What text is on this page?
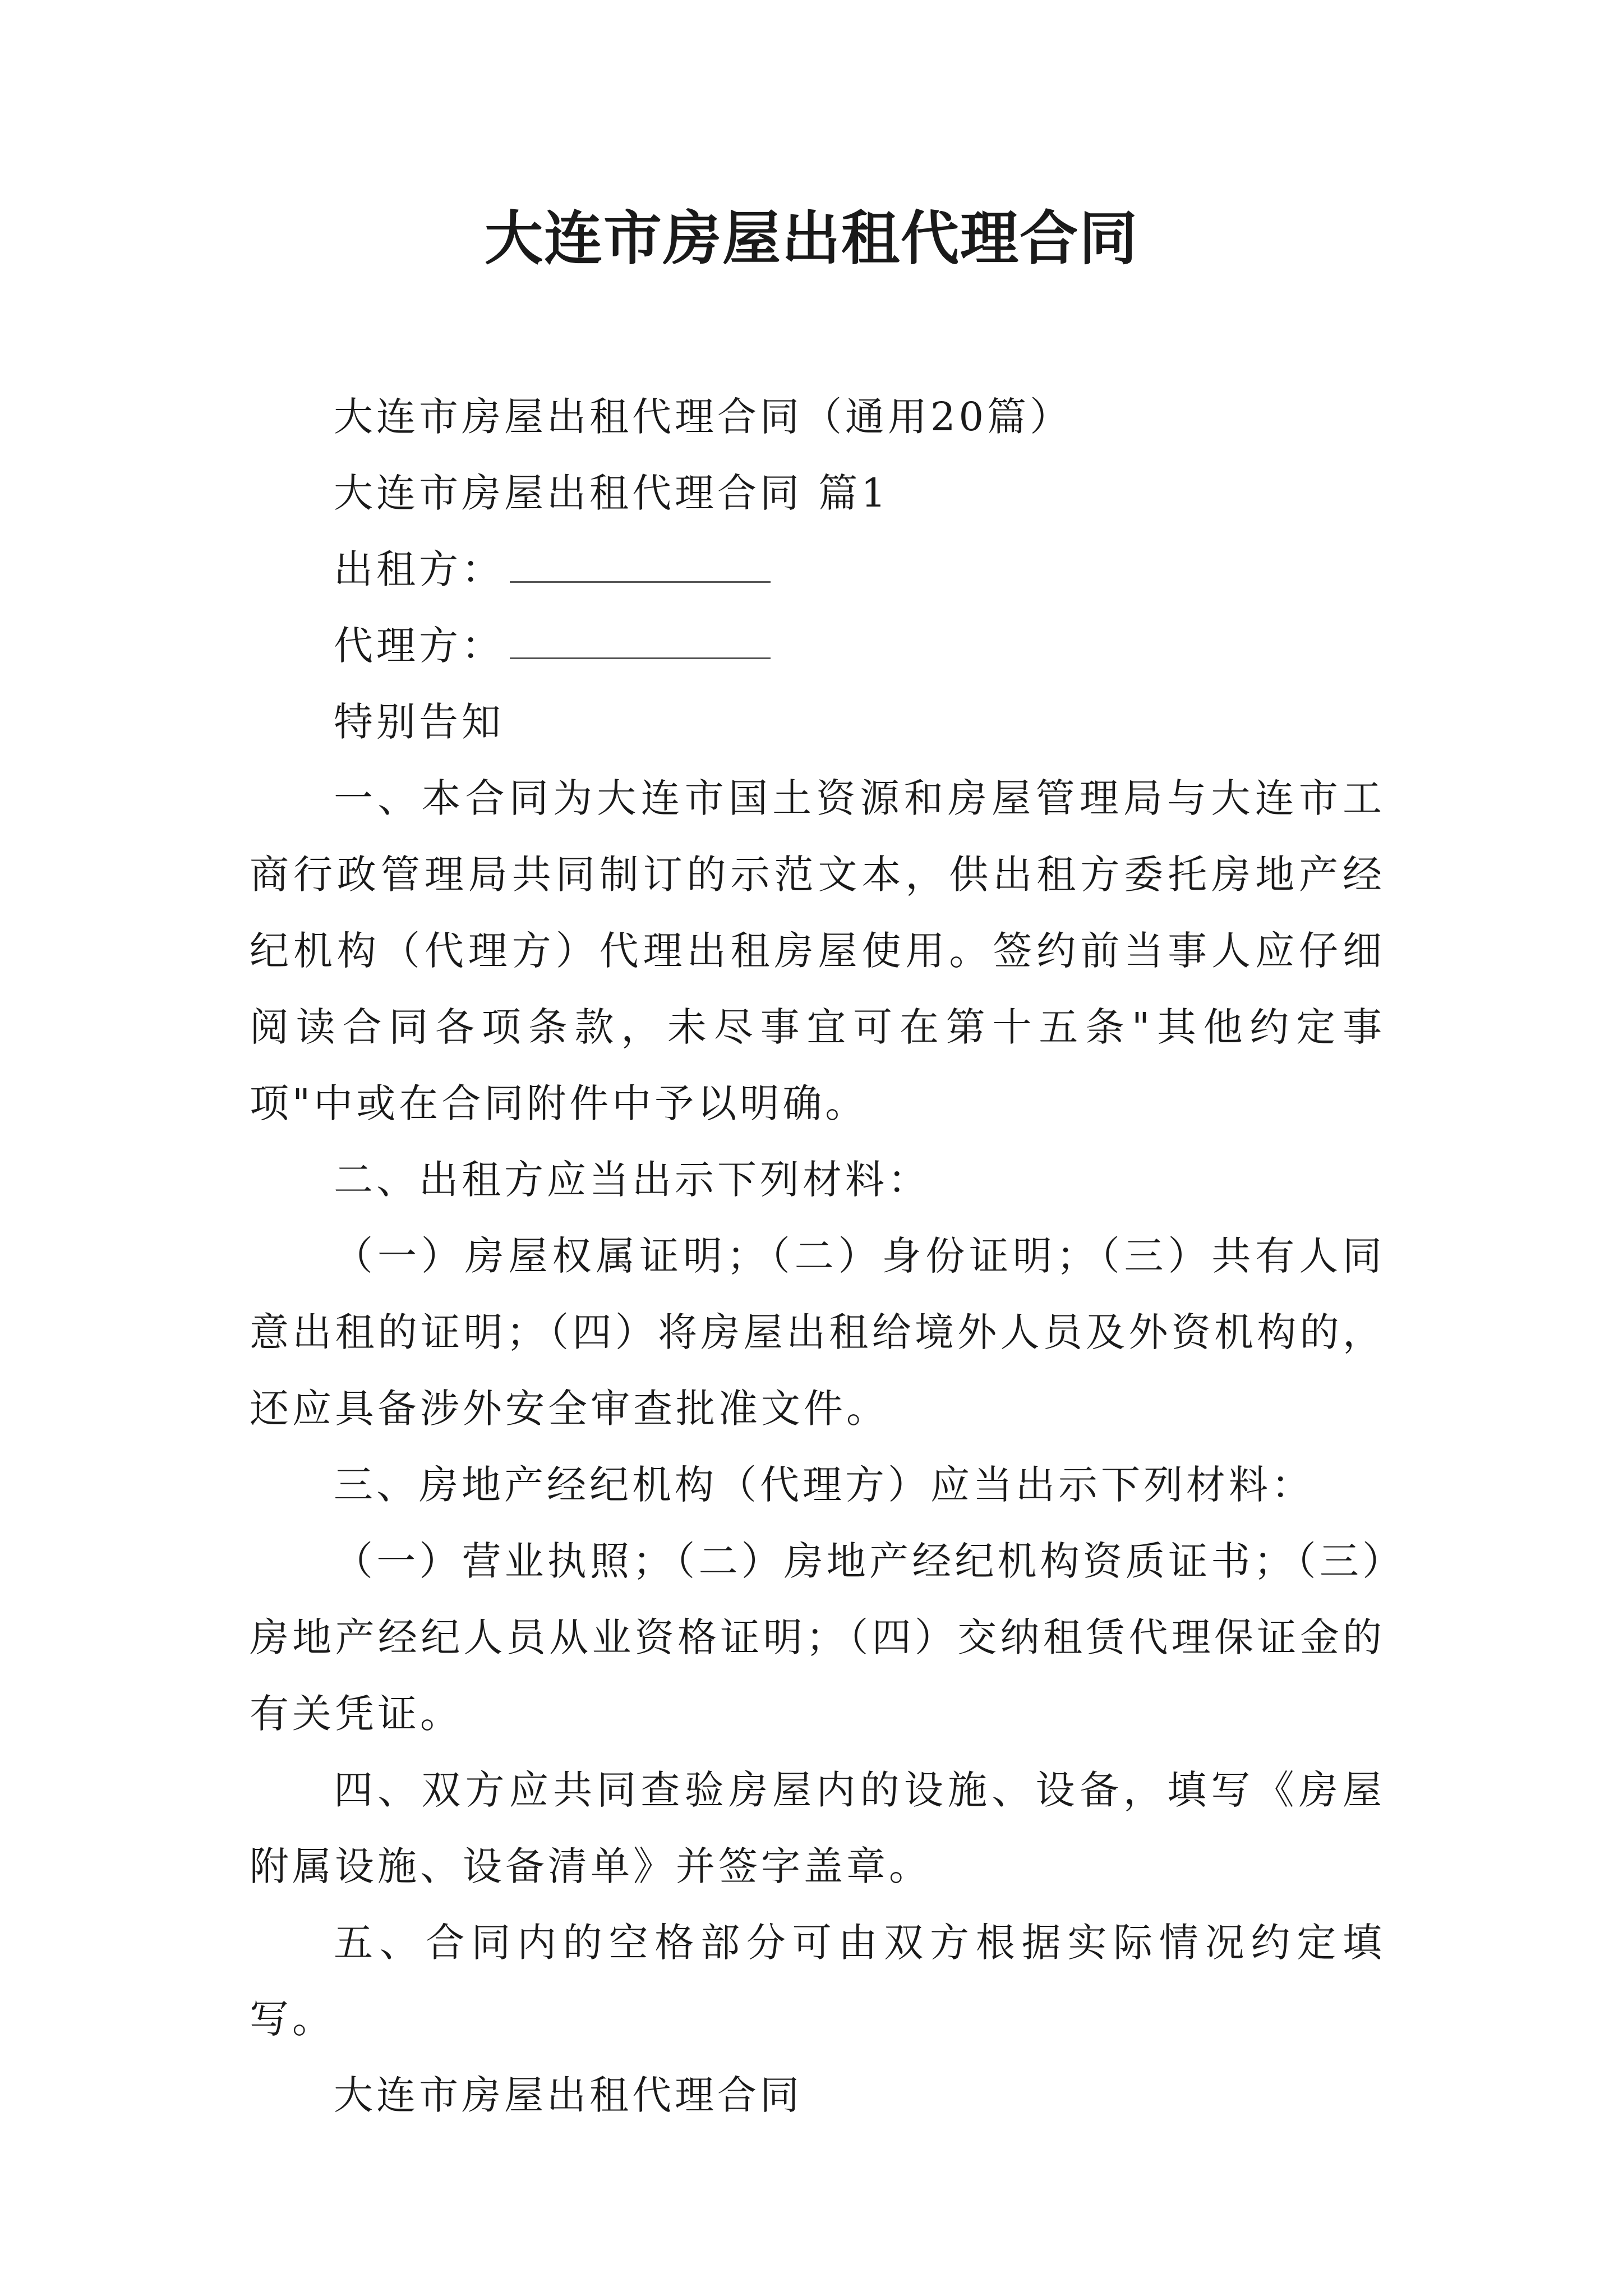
大连市房屋出租代理合同

大连市房屋出租代理合同（通用20篇）

大连市房屋出租代理合同 篇1

出租方：

代理方：

特别告知

一、本合同为大连市国土资源和房屋管理局与大连市工商行政管理局共同制订的示范文本，供出租方委托房地产经纪机构（代理方）代理出租房屋使用。签约前当事人应仔细阅读合同各项条款，未尽事宜可在第十五条"其他约定事项"中或在合同附件中予以明确。

二、出租方应当出示下列材料：

（一）房屋权属证明；（二）身份证明；（三）共有人同意出租的证明；（四）将房屋出租给境外人员及外资机构的，还应具备涉外安全审查批准文件。

三、房地产经纪机构（代理方）应当出示下列材料：

（一）营业执照；（二）房地产经纪机构资质证书；（三）房地产经纪人员从业资格证明；（四）交纳租赁代理保证金的有关凭证。

四、双方应共同查验房屋内的设施、设备，填写《房屋附属设施、设备清单》并签字盖章。

五、合同内的空格部分可由双方根据实际情况约定填写。

大连市房屋出租代理合同
